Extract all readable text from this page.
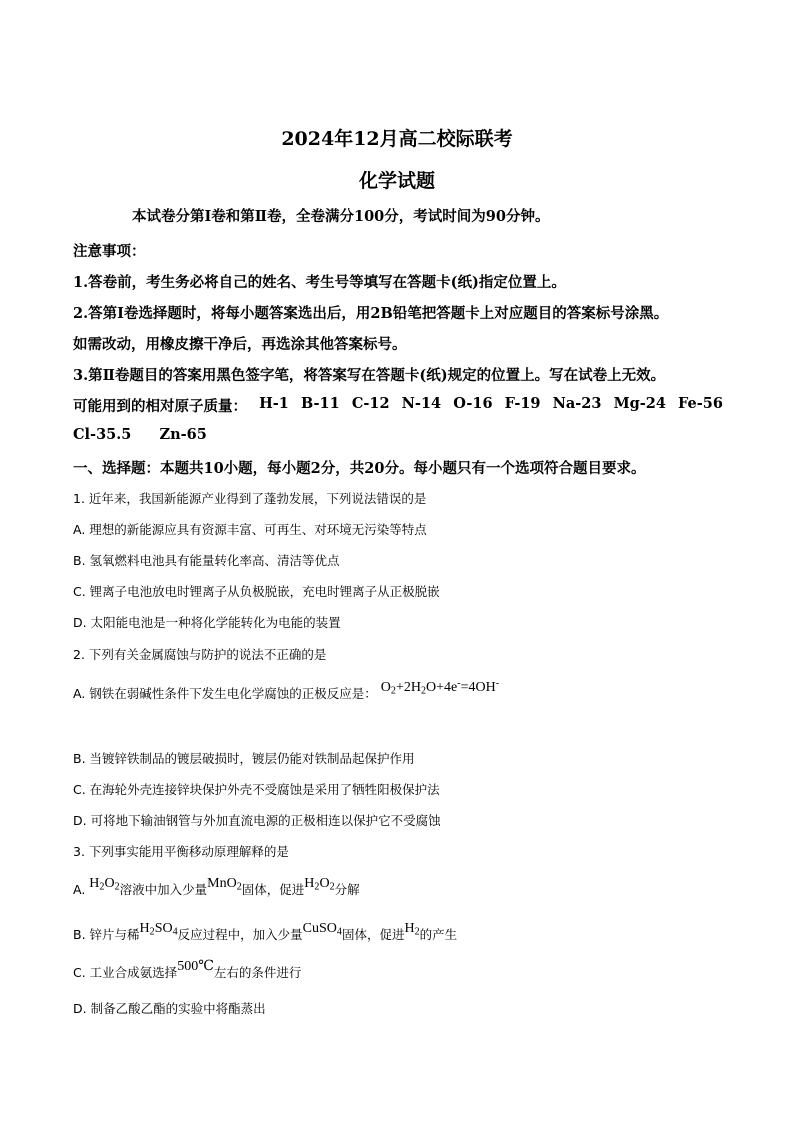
2024年12月高二校际联考
化学试题
本试卷分第Ⅰ卷和第Ⅱ卷，全卷满分100分，考试时间为90分钟。
注意事项：
1.答卷前，考生务必将自己的姓名、考生号等填写在答题卡(纸)指定位置上。
2.答第Ⅰ卷选择题时，将每小题答案选出后，用2B铅笔把答题卡上对应题目的答案标号涂黑。
如需改动，用橡皮擦干净后，再选涂其他答案标号。
3.第Ⅱ卷题目的答案用黑色签字笔，将答案写在答题卡(纸)规定的位置上。写在试卷上无效。
可能用到的相对原子质量： H-1 B-11 C-12 N-14 O-16 F-19 Na-23 Mg-24 Fe-56
Cl-35.5 Zn-65
一、选择题：本题共10小题，每小题2分，共20分。每小题只有一个选项符合题目要求。
1. 近年来，我国新能源产业得到了蓬勃发展，下列说法错误的是
A. 理想的新能源应具有资源丰富、可再生、对环境无污染等特点
B. 氢氧燃料电池具有能量转化率高、清洁等优点
C. 锂离子电池放电时锂离子从负极脱嵌，充电时锂离子从正极脱嵌
D. 太阳能电池是一种将化学能转化为电能的装置
2. 下列有关金属腐蚀与防护的说法不正确的是
A. 钢铁在弱碱性条件下发生电化学腐蚀的正极反应是： $O_2+2H_2O+4e^-=4OH^-$
B. 当镀锌铁制品的镀层破损时，镀层仍能对铁制品起保护作用
C. 在海轮外壳连接锌块保护外壳不受腐蚀是采用了牺牲阳极保护法
D. 可将地下输油钢管与外加直流电源的正极相连以保护它不受腐蚀
3. 下列事实能用平衡移动原理解释的是
A. $H_2O_2$溶液中加入少量MnO$_2$固体，促进$H_2O_2$分解
B. 锌片与稀$H_2SO_4$反应过程中，加入少量CuSO$_4$固体，促进$H_2$的产生
C. 工业合成氨选择500℃左右的条件进行
D. 制备乙酸乙酯的实验中将酯蒸出
